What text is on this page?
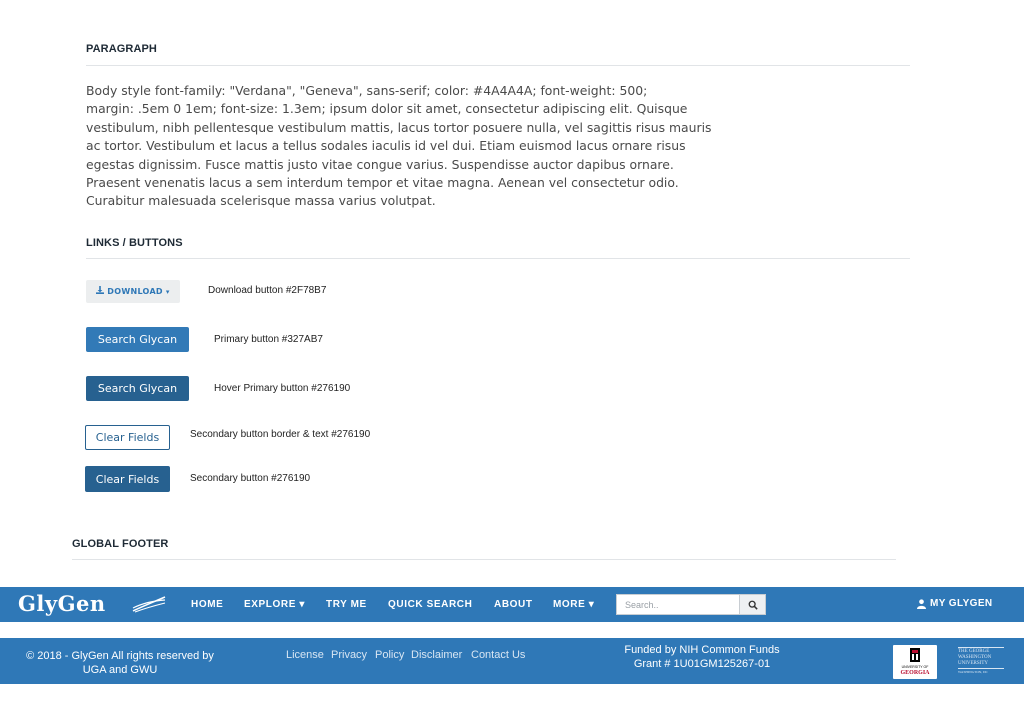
PARAGRAPH
Body style font-family: "Verdana", "Geneva", sans-serif; color: #4A4A4A; font-weight: 500;
margin: .5em 0 1em; font-size: 1.3em; ipsum dolor sit amet, consectetur adipiscing elit. Quisque
vestibulum, nibh pellentesque vestibulum mattis, lacus tortor posuere nulla, vel sagittis risus mauris
ac tortor. Vestibulum et lacus a tellus sodales iaculis id vel dui. Etiam euismod lacus ornare risus
egestas dignissim. Fusce mattis justo vitae congue varius. Suspendisse auctor dapibus ornare.
Praesent venenatis lacus a sem interdum tempor et vitae magna. Aenean vel consectetur odio.
Curabitur malesuada scelerisque massa varius volutpat.
LINKS / BUTTONS
DOWNLOAD ▾	Download button #2F78B7
Search Glycan	Primary button #327AB7
Search Glycan	Hover Primary button #276190
Clear Fields	Secondary button border & text #276190
Clear Fields	Secondary button #276190
GLOBAL FOOTER
GlyGen	HOME EXPLORE ▾ TRY ME QUICK SEARCH ABOUT MORE ▾
Search..	MY GLYGEN
© 2018 - GlyGen All rights reserved by
UGA and GWU
License Privacy Policy Disclaimer Contact Us	Funded by NIH Common Funds
Grant # 1U01GM125267-01	UNIVERSITY OF
GEORGIA
THE GEORGE
WASHINGTON
UNIVERSITY
WASHINGTON, DC
